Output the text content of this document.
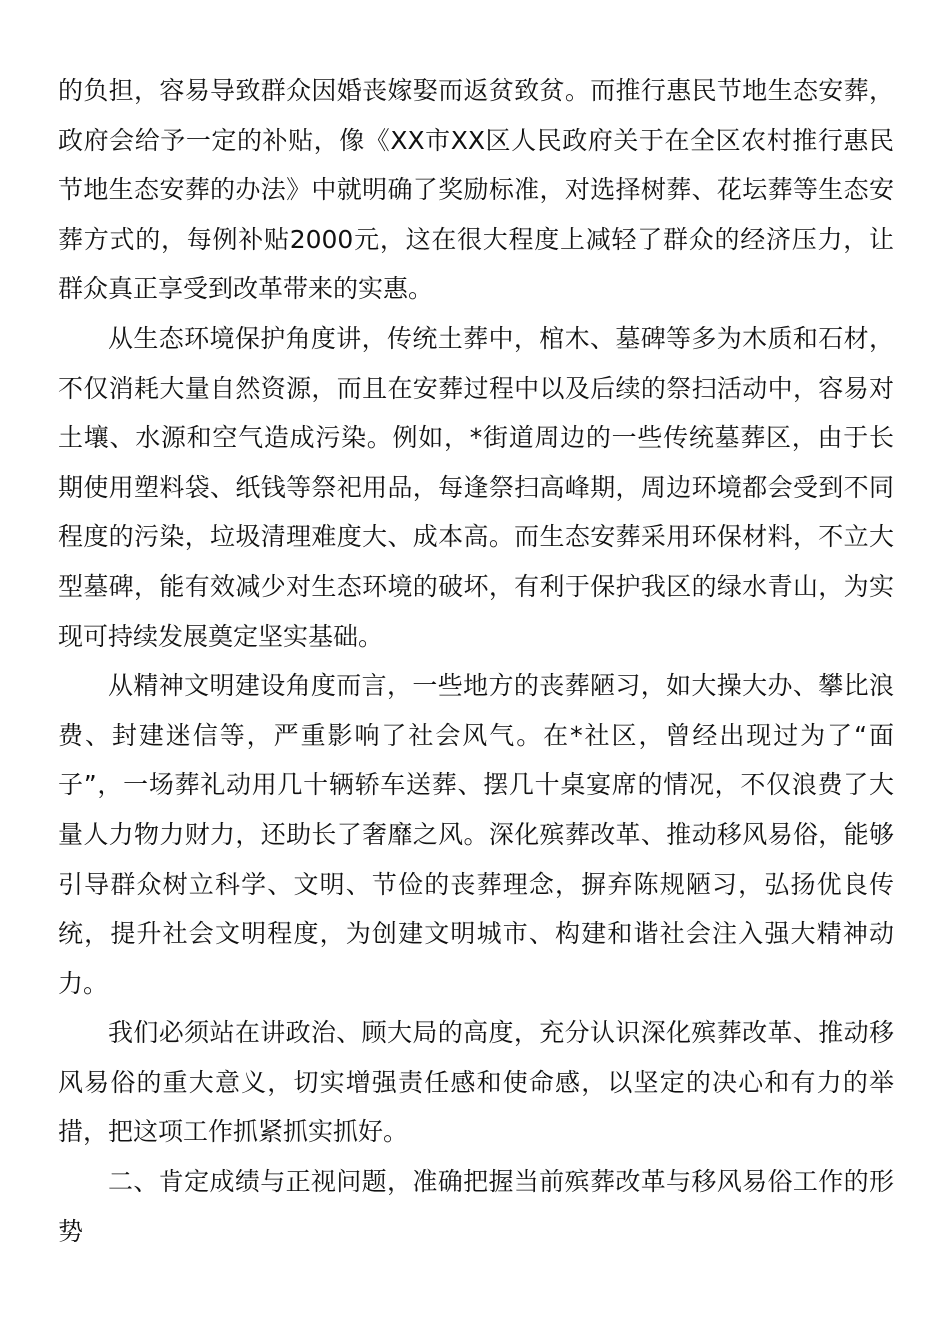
的负担，容易导致群众因婚丧嫁娶而返贫致贫。而推行惠民节地生态安葬，政府会给予一定的补贴，像《XX市XX区人民政府关于在全区农村推行惠民节地生态安葬的办法》中就明确了奖励标准，对选择树葬、花坛葬等生态安葬方式的，每例补贴2000元，这在很大程度上减轻了群众的经济压力，让群众真正享受到改革带来的实惠。

从生态环境保护角度讲，传统土葬中，棺木、墓碑等多为木质和石材，不仅消耗大量自然资源，而且在安葬过程中以及后续的祭扫活动中，容易对土壤、水源和空气造成污染。例如，*街道周边的一些传统墓葬区，由于长期使用塑料袋、纸钱等祭祀用品，每逢祭扫高峰期，周边环境都会受到不同程度的污染，垃圾清理难度大、成本高。而生态安葬采用环保材料，不立大型墓碑，能有效减少对生态环境的破坏，有利于保护我区的绿水青山，为实现可持续发展奠定坚实基础。

从精神文明建设角度而言，一些地方的丧葬陋习，如大操大办、攀比浪费、封建迷信等，严重影响了社会风气。在*社区，曾经出现过为了“面子”，一场葬礼动用几十辆轿车送葬、摆几十桌宴席的情况，不仅浪费了大量人力物力财力，还助长了奢靡之风。深化殡葬改革、推动移风易俗，能够引导群众树立科学、文明、节俭的丧葬理念，摒弃陈规陋习，弘扬优良传统，提升社会文明程度，为创建文明城市、构建和谐社会注入强大精神动力。

我们必须站在讲政治、顾大局的高度，充分认识深化殡葬改革、推动移风易俗的重大意义，切实增强责任感和使命感，以坚定的决心和有力的举措，把这项工作抓紧抓实抓好。

二、肯定成绩与正视问题，准确把握当前殡葬改革与移风易俗工作的形势
